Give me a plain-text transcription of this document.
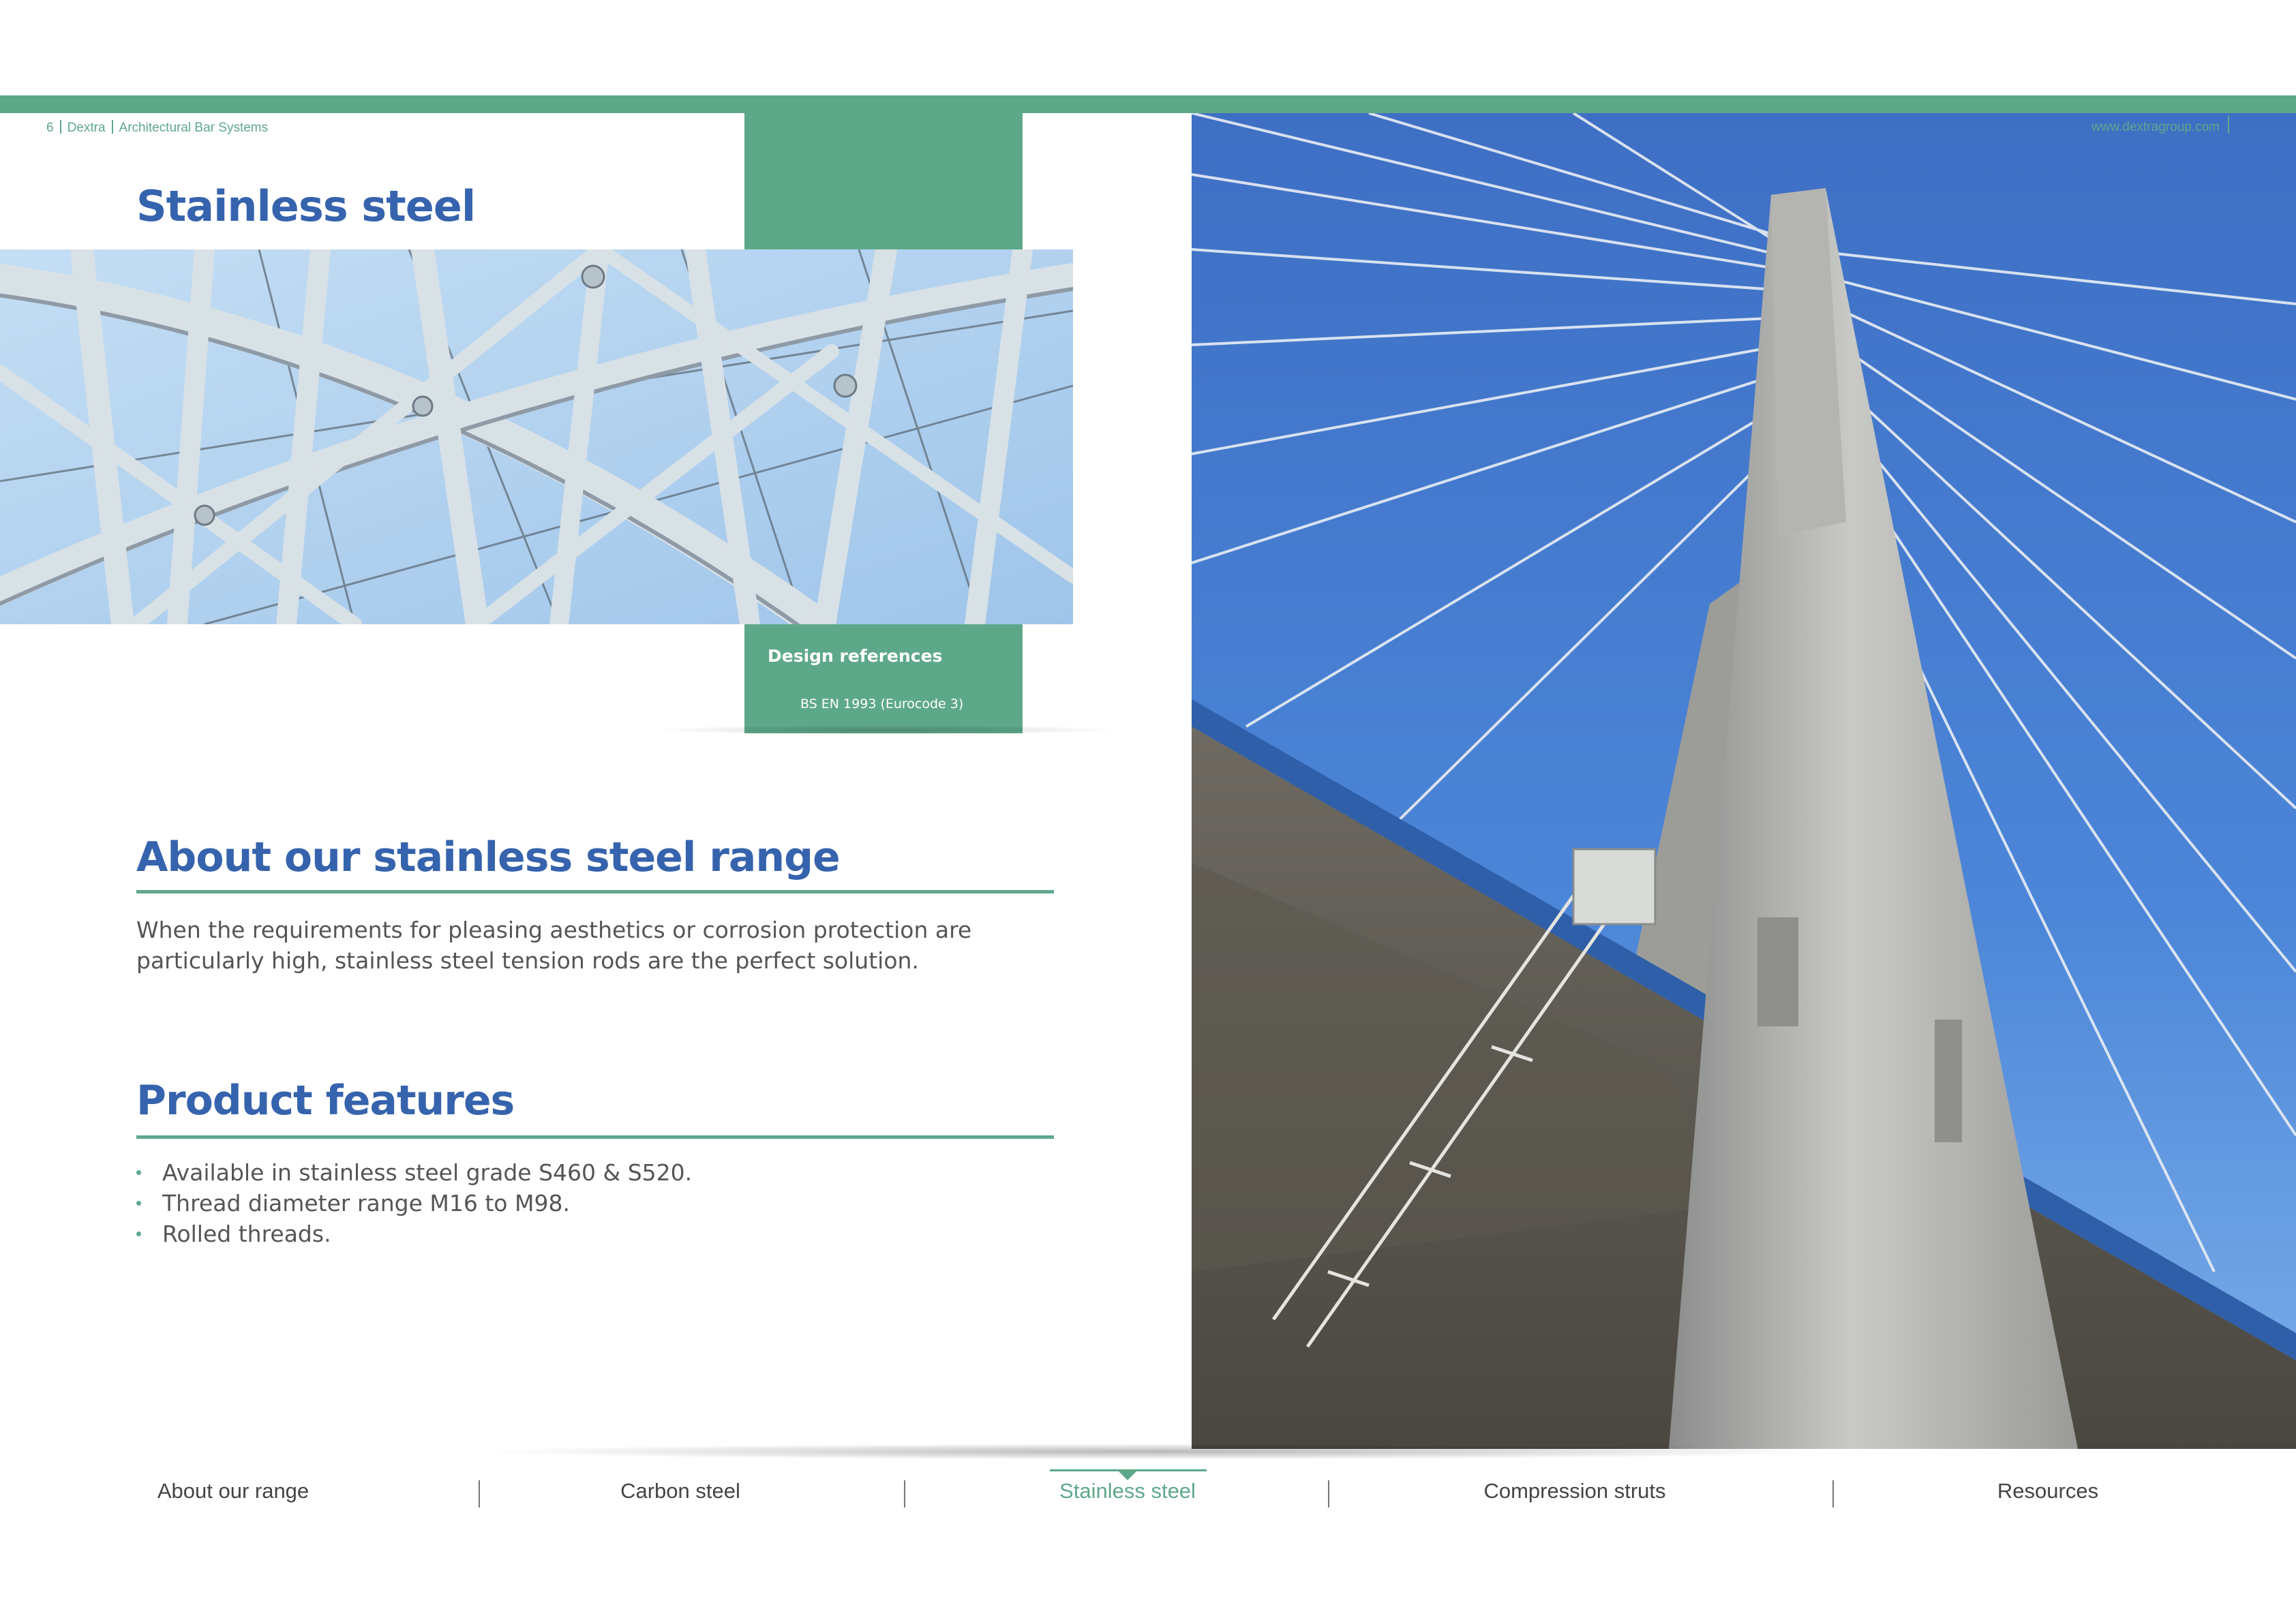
6 Dextra Architectural Bar Systems
Stainless steel
Design references
BS EN 1993 (Eurocode 3)
About our stainless steel range
When the requirements for pleasing aesthetics or corrosion protection are particularly high, stainless steel tension rods are the perfect solution.
Product features
Available in stainless steel grade S460 & S520.
Thread diameter range M16 to M98.
Rolled threads.
www.dextragroup.com
About our range	Carbon steel	Stainless steel	Compression struts	Resources
